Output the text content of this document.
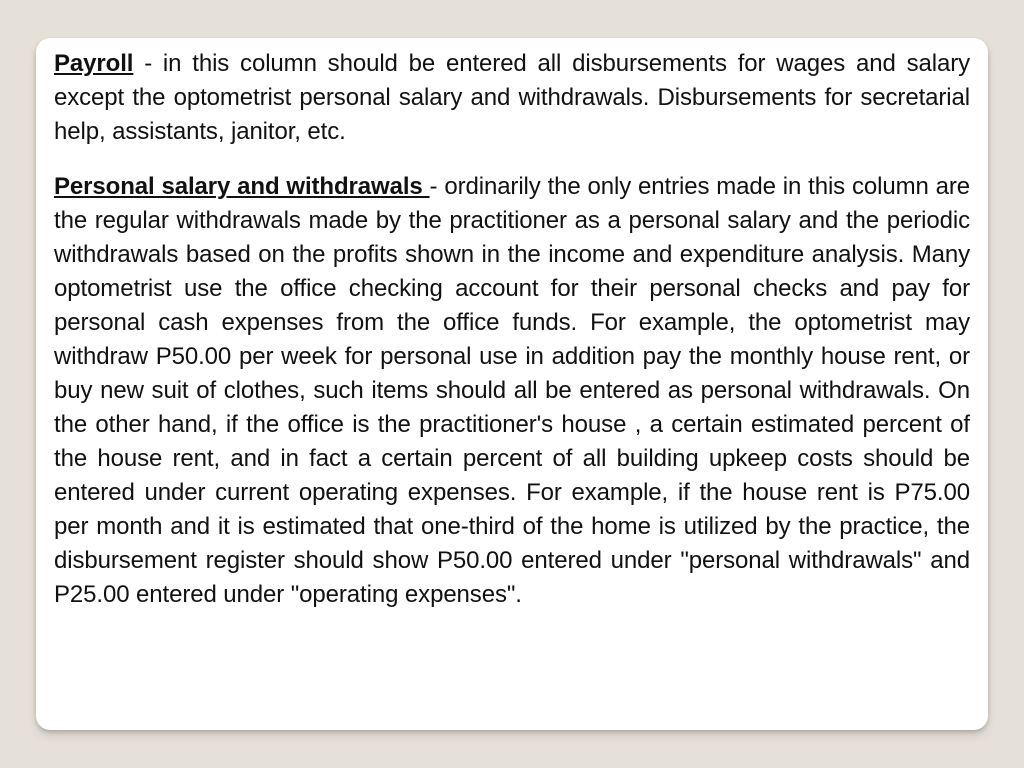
Payroll - in this column should be entered all disbursements for wages and salary except the optometrist personal salary and withdrawals. Disbursements for secretarial help, assistants, janitor, etc.

Personal salary and withdrawals - ordinarily the only entries made in this column are the regular withdrawals made by the practitioner as a personal salary and the periodic withdrawals based on the profits shown in the income and expenditure analysis. Many optometrist use the office checking account for their personal checks and pay for personal cash expenses from the office funds. For example, the optometrist may withdraw P50.00 per week for personal use in addition pay the monthly house rent, or buy new suit of clothes, such items should all be entered as personal withdrawals. On the other hand, if the office is the practitioner's house , a certain estimated percent of the house rent, and in fact a certain percent of all building upkeep costs should be entered under current operating expenses. For example, if the house rent is P75.00 per month and it is estimated that one-third of the home is utilized by the practice, the disbursement register should show P50.00 entered under "personal withdrawals" and P25.00 entered under "operating expenses".
